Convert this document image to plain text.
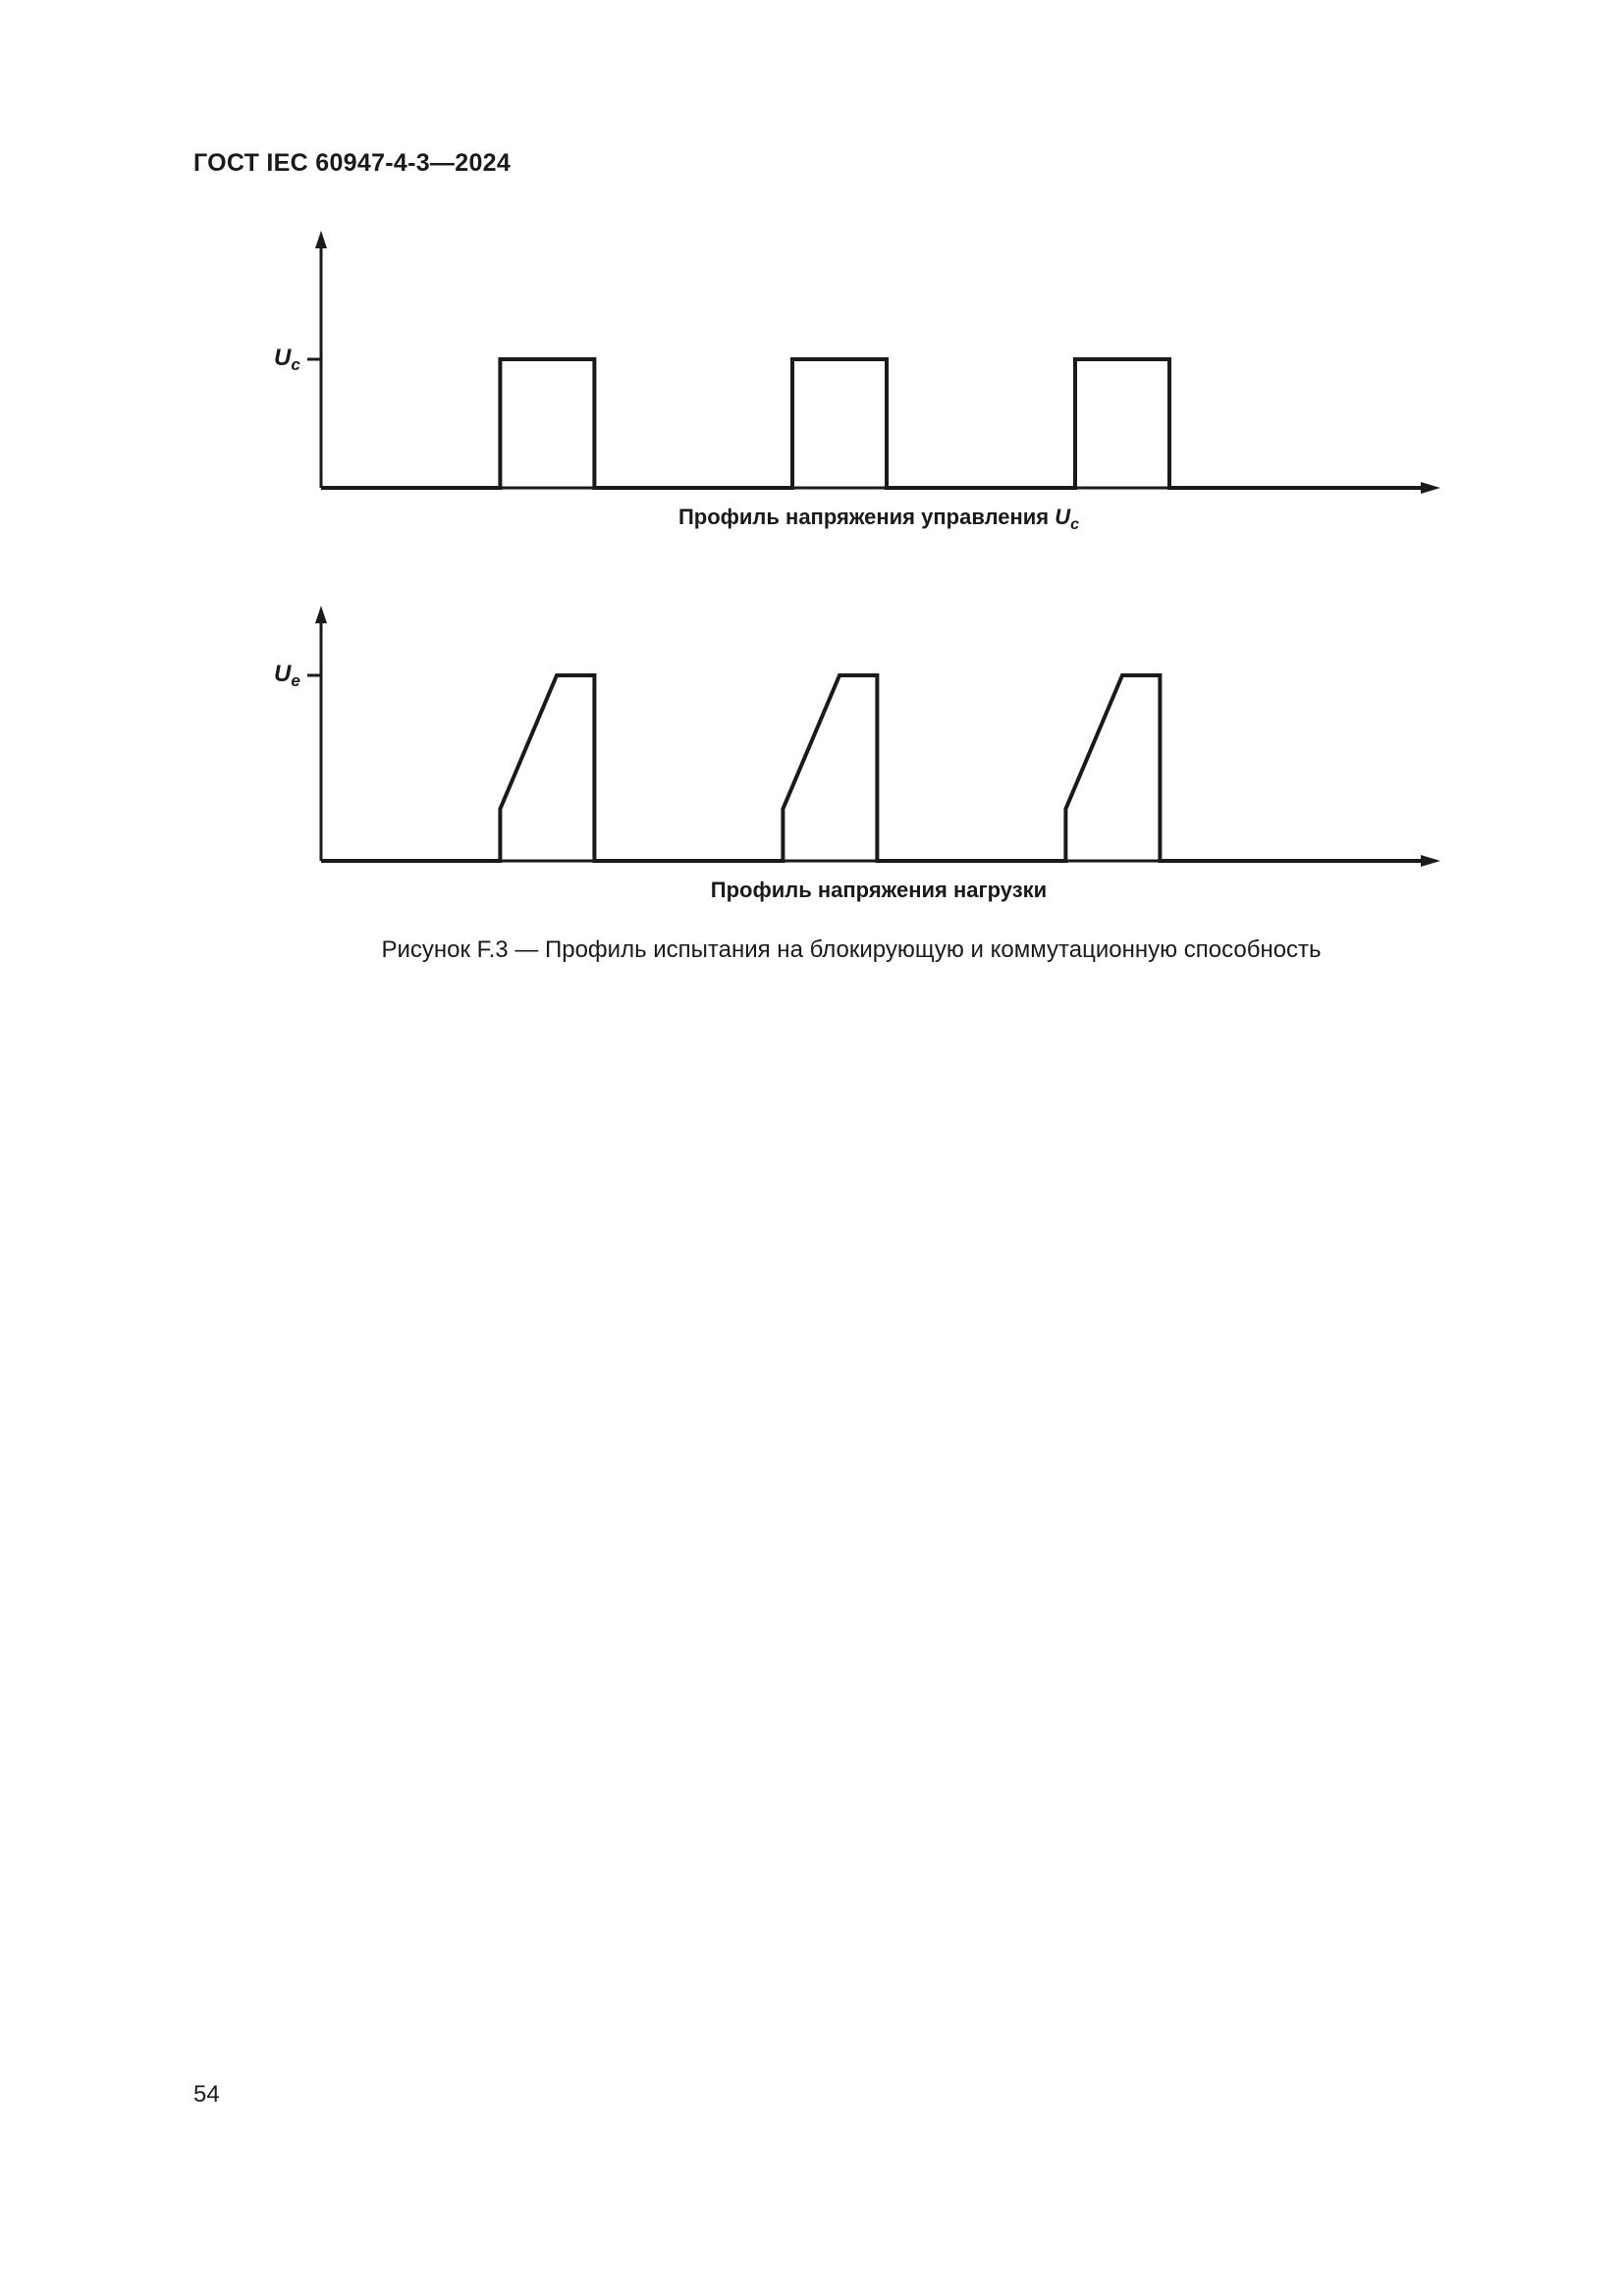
ГОСТ IEC 60947-4-3—2024
$U_c$
Профиль напряжения управления $U_c$
$U_e$
Профиль напряжения нагрузки

Рисунок F.3 — Профиль испытания на блокирующую и коммутационную способность

54
